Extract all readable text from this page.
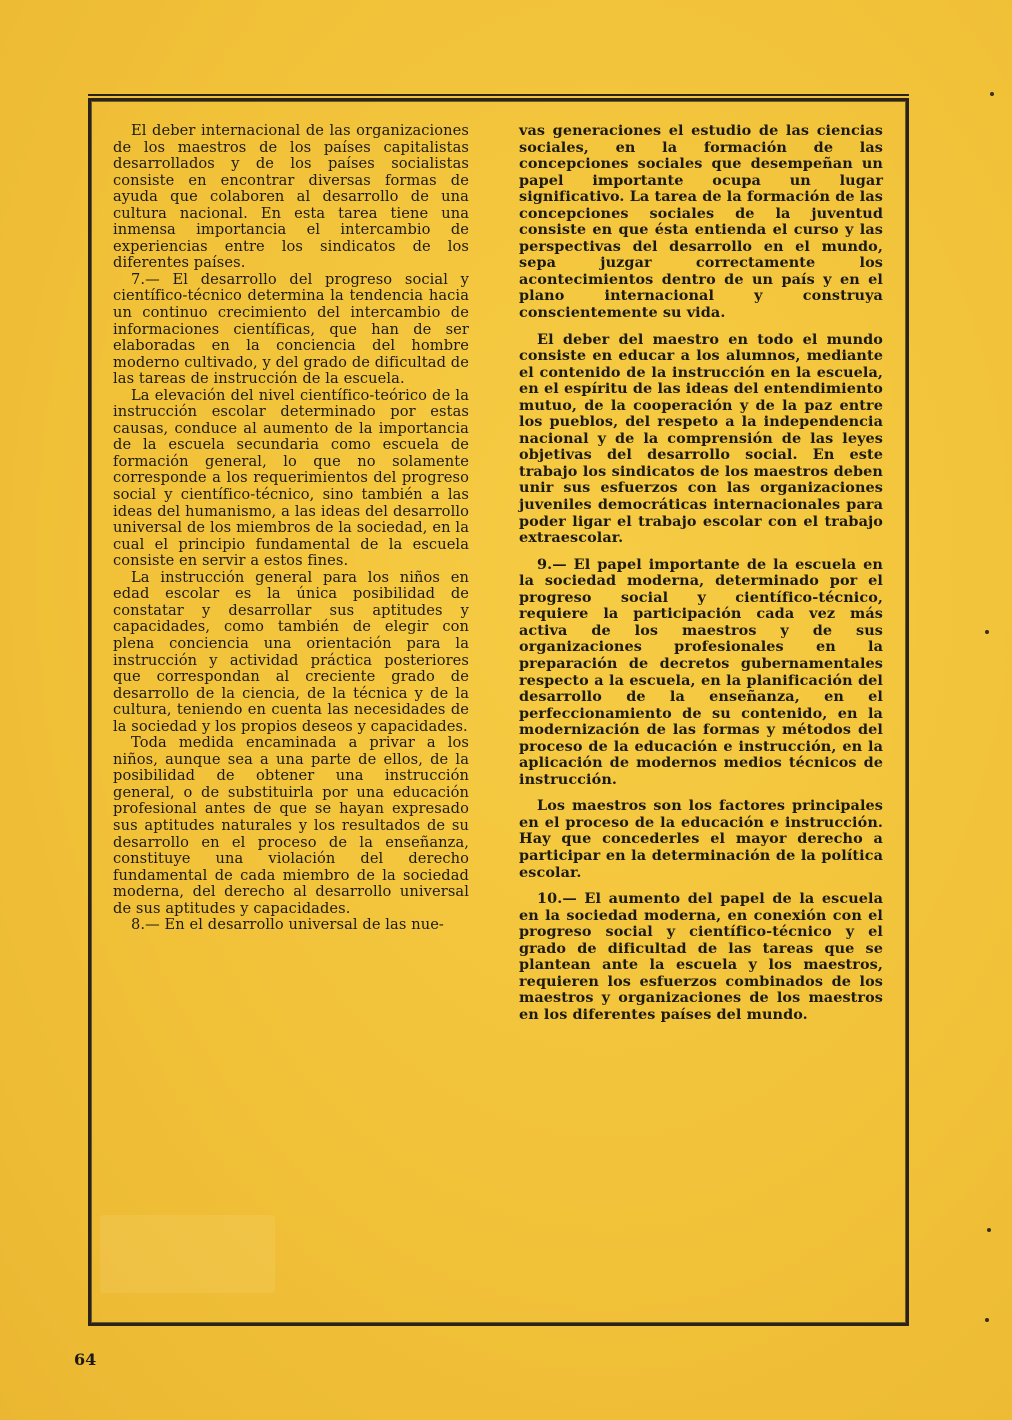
El deber internacional de las organizaciones de los maestros de los países capitalistas desarrollados y de los países socialistas consiste en encontrar diversas formas de ayuda que colaboren al desarrollo de una cultura nacional. En esta tarea tiene una inmensa importancia el intercambio de experiencias entre los sindicatos de los diferentes países.

7.— El desarrollo del progreso social y científico-técnico determina la tendencia hacia un continuo crecimiento del intercambio de informaciones científicas, que han de ser elaboradas en la conciencia del hombre moderno cultivado, y del grado de dificultad de las tareas de instrucción de la escuela.

La elevación del nivel científico-teórico de la instrucción escolar determinado por estas causas, conduce al aumento de la importancia de la escuela secundaria como escuela de formación general, lo que no solamente corresponde a los requerimientos del progreso social y científico-técnico, sino también a las ideas del humanismo, a las ideas del desarrollo universal de los miembros de la sociedad, en la cual el principio fundamental de la escuela consiste en servir a estos fines.

La instrucción general para los niños en edad escolar es la única posibilidad de constatar y desarrollar sus aptitudes y capacidades, como también de elegir con plena conciencia una orientación para la instrucción y actividad práctica posteriores que correspondan al creciente grado de desarrollo de la ciencia, de la técnica y de la cultura, teniendo en cuenta las necesidades de la sociedad y los propios deseos y capacidades.

Toda medida encaminada a privar a los niños, aunque sea a una parte de ellos, de la posibilidad de obtener una instrucción general, o de substituirla por una educación profesional antes de que se hayan expresado sus aptitudes naturales y los resultados de su desarrollo en el proceso de la enseñanza, constituye una violación del derecho fundamental de cada miembro de la sociedad moderna, del derecho al desarrollo universal de sus aptitudes y capacidades.

8.— En el desarrollo universal de las nue-

vas generaciones el estudio de las ciencias sociales, en la formación de las concepciones sociales que desempeñan un papel importante ocupa un lugar significativo. La tarea de la formación de las concepciones sociales de la juventud consiste en que ésta entienda el curso y las perspectivas del desarrollo en el mundo, sepa juzgar correctamente los acontecimientos dentro de un país y en el plano internacional y construya conscientemente su vida.

El deber del maestro en todo el mundo consiste en educar a los alumnos, mediante el contenido de la instrucción en la escuela, en el espíritu de las ideas del entendimiento mutuo, de la cooperación y de la paz entre los pueblos, del respeto a la independencia nacional y de la comprensión de las leyes objetivas del desarrollo social. En este trabajo los sindicatos de los maestros deben unir sus esfuerzos con las organizaciones juveniles democráticas internacionales para poder ligar el trabajo escolar con el trabajo extraescolar.

9.— El papel importante de la escuela en la sociedad moderna, determinado por el progreso social y científico-técnico, requiere la participación cada vez más activa de los maestros y de sus organizaciones profesionales en la preparación de decretos gubernamentales respecto a la escuela, en la planificación del desarrollo de la enseñanza, en el perfeccionamiento de su contenido, en la modernización de las formas y métodos del proceso de la educación e instrucción, en la aplicación de modernos medios técnicos de instrucción.

Los maestros son los factores principales en el proceso de la educación e instrucción. Hay que concederles el mayor derecho a participar en la determinación de la política escolar.

10.— El aumento del papel de la escuela en la sociedad moderna, en conexión con el progreso social y científico-técnico y el grado de dificultad de las tareas que se plantean ante la escuela y los maestros, requieren los esfuerzos combinados de los maestros y organizaciones de los maestros en los diferentes países del mundo.

64
